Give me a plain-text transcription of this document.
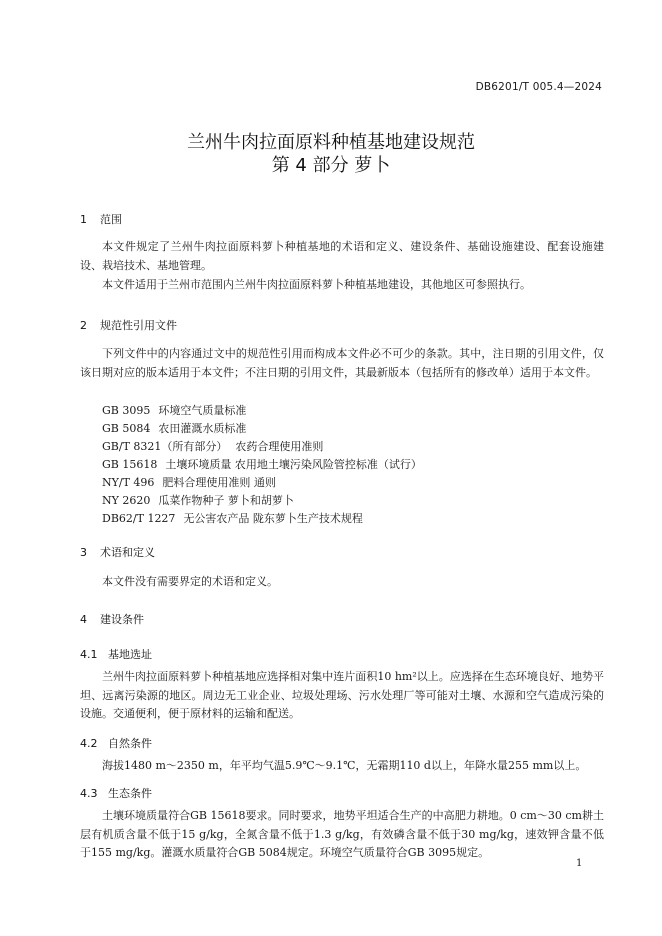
DB6201/T 005.4—2024
兰州牛肉拉面原料种植基地建设规范
第 4 部分 萝卜
1 范围

本文件规定了兰州牛肉拉面原料萝卜种植基地的术语和定义、建设条件、基础设施建设、配套设施建设、栽培技术、基地管理。

本文件适用于兰州市范围内兰州牛肉拉面原料萝卜种植基地建设，其他地区可参照执行。

2 规范性引用文件

下列文件中的内容通过文中的规范性引用而构成本文件必不可少的条款。其中，注日期的引用文件，仅该日期对应的版本适用于本文件；不注日期的引用文件，其最新版本（包括所有的修改单）适用于本文件。

GB 3095 环境空气质量标准
GB 5084 农田灌溉水质标准
GB/T 8321（所有部分） 农药合理使用准则
GB 15618 土壤环境质量 农用地土壤污染风险管控标准（试行）
NY/T 496 肥料合理使用准则 通则
NY 2620 瓜菜作物种子 萝卜和胡萝卜
DB62/T 1227 无公害农产品 陇东萝卜生产技术规程
3 术语和定义

本文件没有需要界定的术语和定义。

4 建设条件
4.1 基地选址

兰州牛肉拉面原料萝卜种植基地应选择相对集中连片面积10 hm²以上。应选择在生态环境良好、地势平坦、远离污染源的地区。周边无工业企业、垃圾处理场、污水处理厂等可能对土壤、水源和空气造成污染的设施。交通便利，便于原材料的运输和配送。

4.2 自然条件

海拔1480 m～2350 m，年平均气温5.9℃～9.1℃，无霜期110 d以上，年降水量255 mm以上。

4.3 生态条件

土壤环境质量符合GB 15618要求。同时要求，地势平坦适合生产的中高肥力耕地。0 cm～30 cm耕土层有机质含量不低于15 g/kg，全氮含量不低于1.3 g/kg，有效磷含量不低于30 mg/kg，速效钾含量不低于155 mg/kg。灌溉水质量符合GB 5084规定。环境空气质量符合GB 3095规定。

1
